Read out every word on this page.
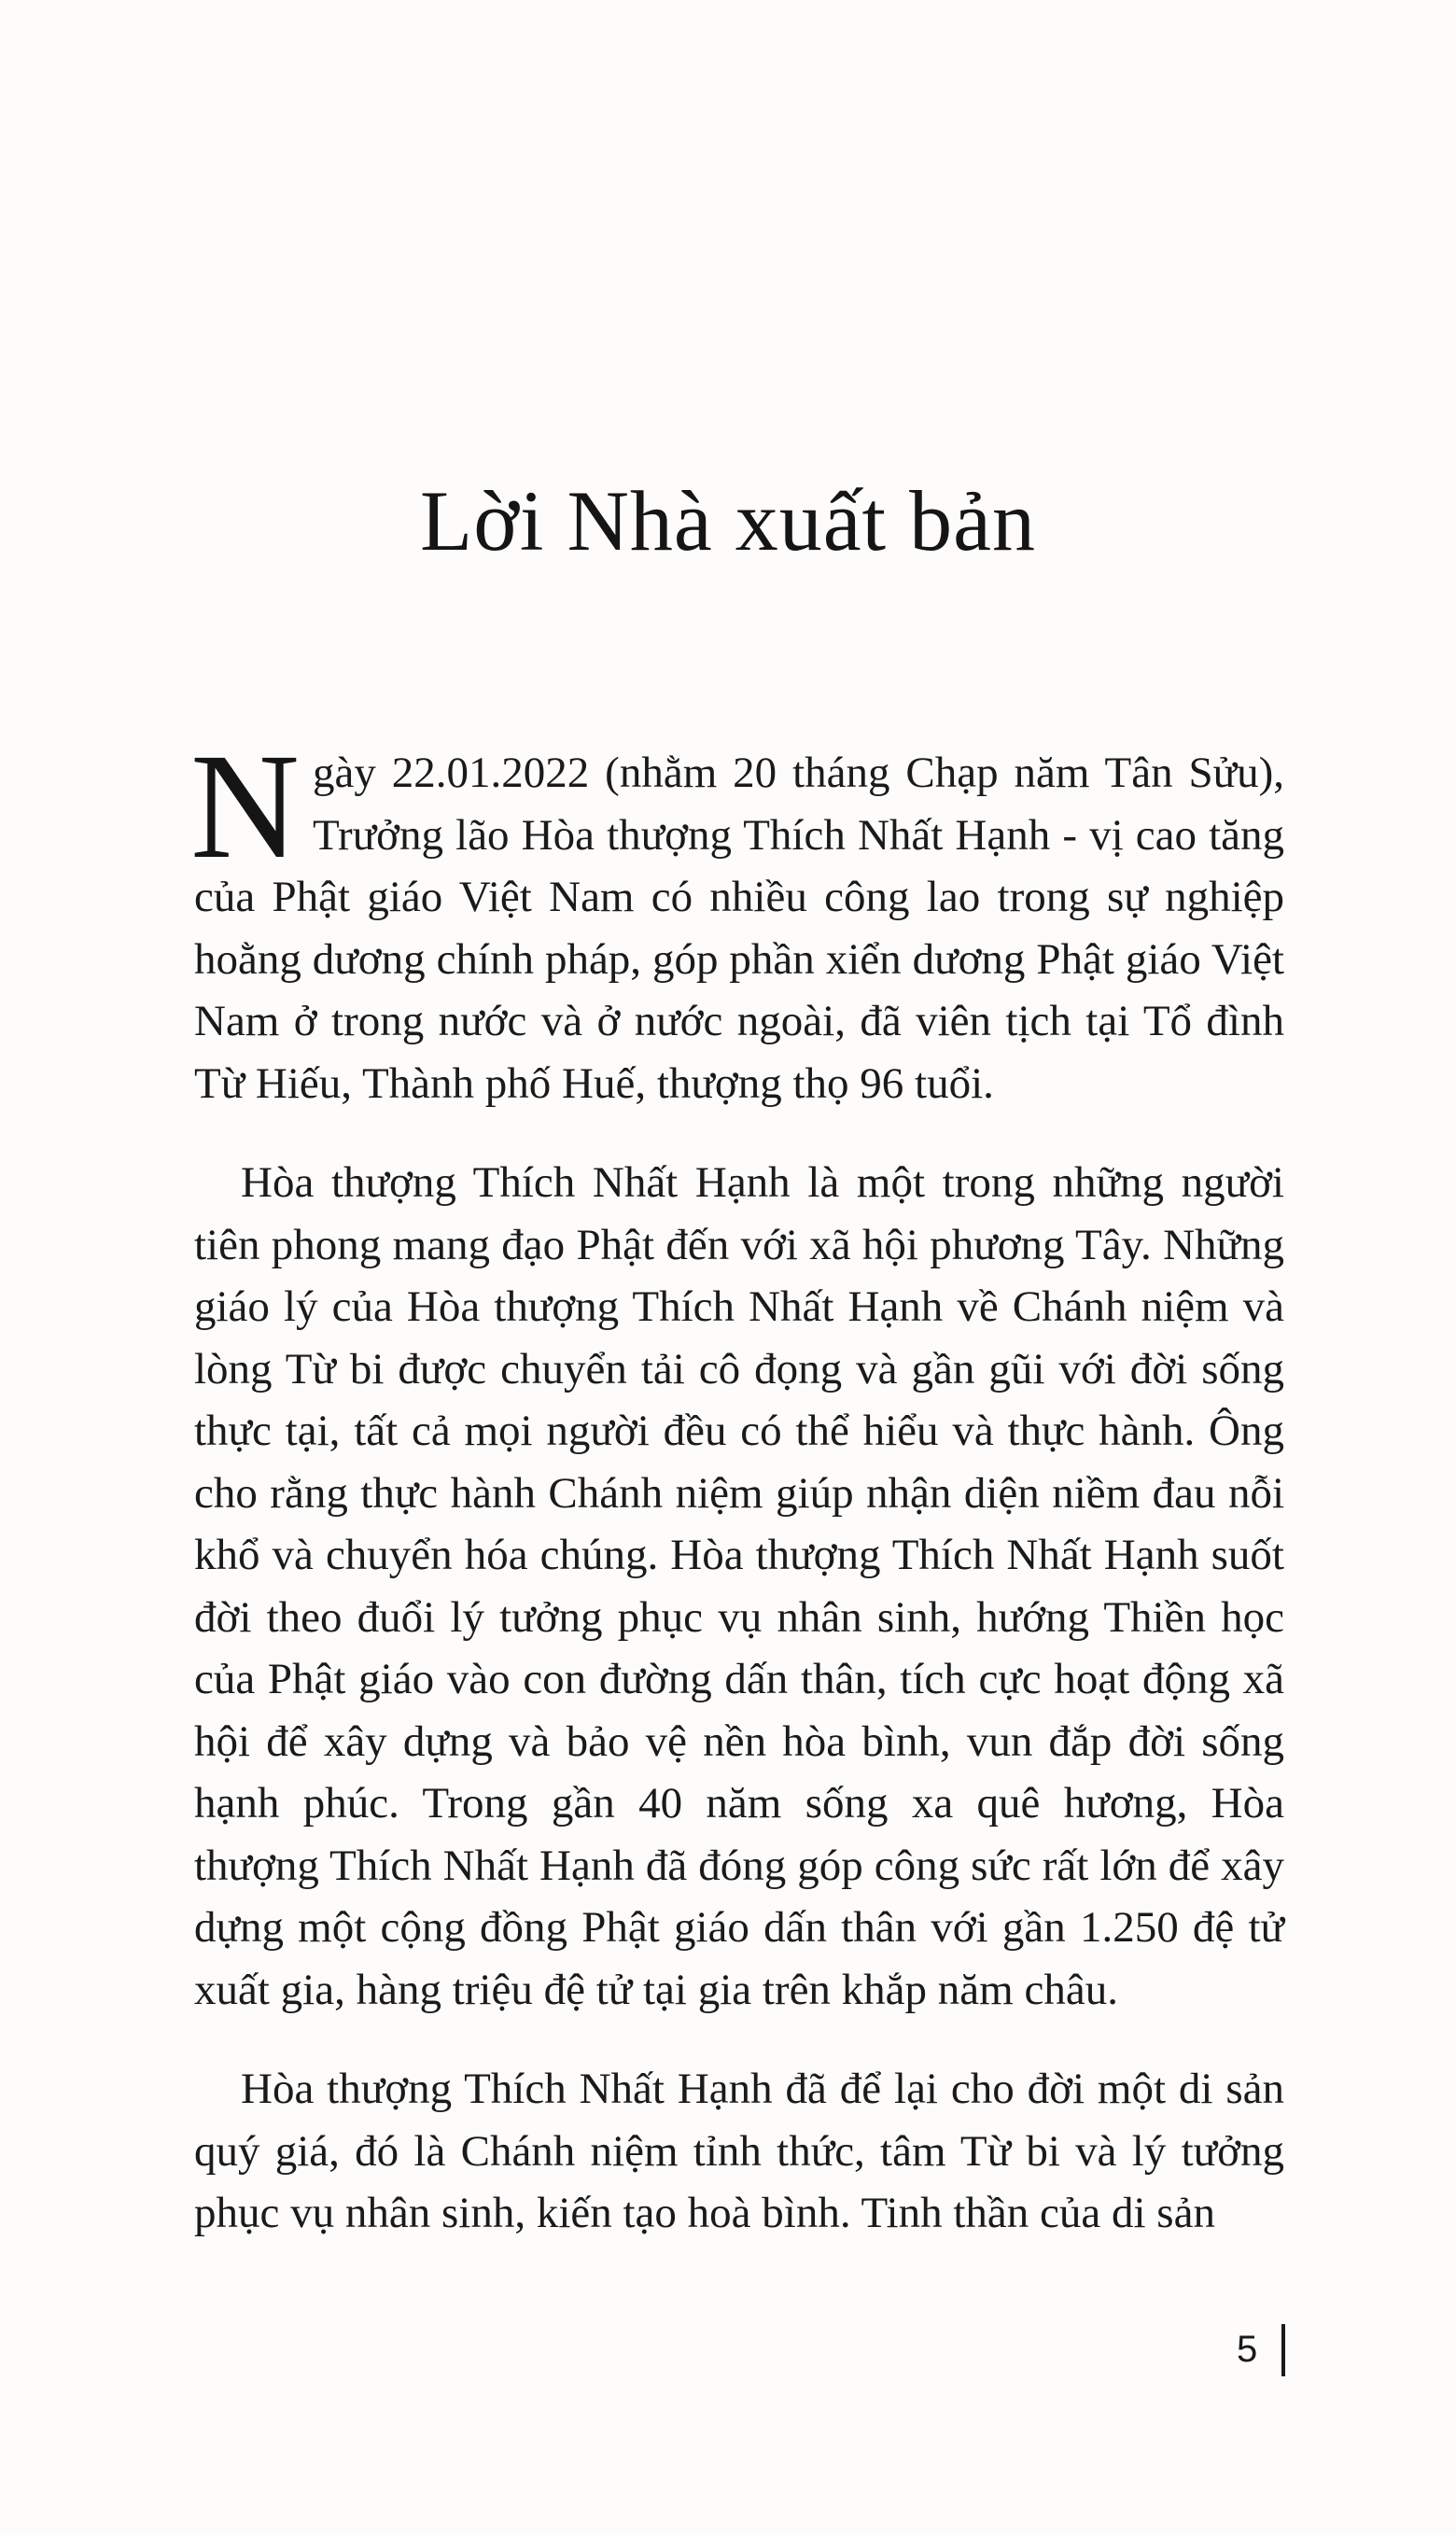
Lời Nhà xuất bản

Ngày 22.01.2022 (nhằm 20 tháng Chạp năm Tân Sửu), Trưởng lão Hòa thượng Thích Nhất Hạnh - vị cao tăng của Phật giáo Việt Nam có nhiều công lao trong sự nghiệp hoằng dương chính pháp, góp phần xiển dương Phật giáo Việt Nam ở trong nước và ở nước ngoài, đã viên tịch tại Tổ đình Từ Hiếu, Thành phố Huế, thượng thọ 96 tuổi.

Hòa thượng Thích Nhất Hạnh là một trong những người tiên phong mang đạo Phật đến với xã hội phương Tây. Những giáo lý của Hòa thượng Thích Nhất Hạnh về Chánh niệm và lòng Từ bi được chuyển tải cô đọng và gần gũi với đời sống thực tại, tất cả mọi người đều có thể hiểu và thực hành. Ông cho rằng thực hành Chánh niệm giúp nhận diện niềm đau nỗi khổ và chuyển hóa chúng. Hòa thượng Thích Nhất Hạnh suốt đời theo đuổi lý tưởng phục vụ nhân sinh, hướng Thiền học của Phật giáo vào con đường dấn thân, tích cực hoạt động xã hội để xây dựng và bảo vệ nền hòa bình, vun đắp đời sống hạnh phúc. Trong gần 40 năm sống xa quê hương, Hòa thượng Thích Nhất Hạnh đã đóng góp công sức rất lớn để xây dựng một cộng đồng Phật giáo dấn thân với gần 1.250 đệ tử xuất gia, hàng triệu đệ tử tại gia trên khắp năm châu.

Hòa thượng Thích Nhất Hạnh đã để lại cho đời một di sản quý giá, đó là Chánh niệm tỉnh thức, tâm Từ bi và lý tưởng phục vụ nhân sinh, kiến tạo hoà bình. Tinh thần của di sản

5
